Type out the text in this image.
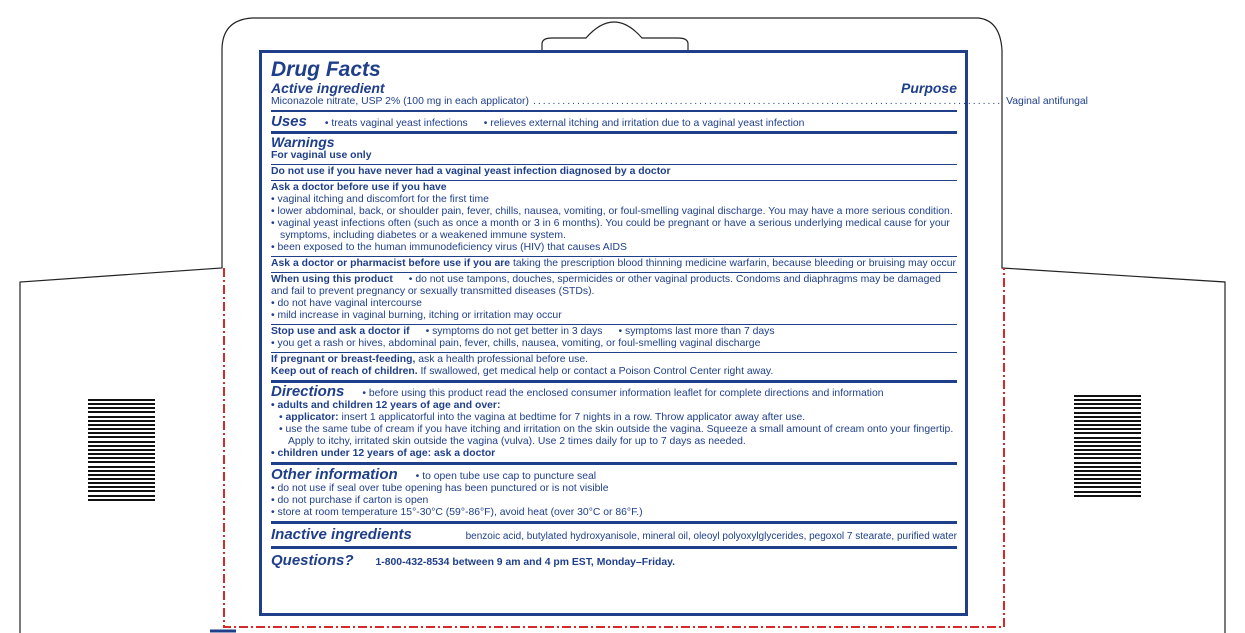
Drug Facts
Active ingredient	Purpose
Miconazole nitrate, USP 2% (100 mg in each applicator) ................................................................................................ Vaginal antifungal
Uses • treats vaginal yeast infections • relieves external itching and irritation due to a vaginal yeast infection
Warnings

For vaginal use only

Do not use if you have never had a vaginal yeast infection diagnosed by a doctor

Ask a doctor before use if you have

• vaginal itching and discomfort for the first time

• lower abdominal, back, or shoulder pain, fever, chills, nausea, vomiting, or foul-smelling vaginal discharge. You may have a more serious condition.

• vaginal yeast infections often (such as once a month or 3 in 6 months). You could be pregnant or have a serious underlying medical cause for your symptoms, including diabetes or a weakened immune system.

• been exposed to the human immunodeficiency virus (HIV) that causes AIDS

Ask a doctor or pharmacist before use if you are taking the prescription blood thinning medicine warfarin, because bleeding or bruising may occur

When using this product • do not use tampons, douches, spermicides or other vaginal products. Condoms and diaphragms may be damaged and fail to prevent pregnancy or sexually transmitted diseases (STDs).

• do not have vaginal intercourse

• mild increase in vaginal burning, itching or irritation may occur

Stop use and ask a doctor if • symptoms do not get better in 3 days • symptoms last more than 7 days

• you get a rash or hives, abdominal pain, fever, chills, nausea, vomiting, or foul-smelling vaginal discharge

If pregnant or breast-feeding, ask a health professional before use.

Keep out of reach of children. If swallowed, get medical help or contact a Poison Control Center right away.

Directions • before using this product read the enclosed consumer information leaflet for complete directions and information

• adults and children 12 years of age and over:

• applicator: insert 1 applicatorful into the vagina at bedtime for 7 nights in a row. Throw applicator away after use.

• use the same tube of cream if you have itching and irritation on the skin outside the vagina. Squeeze a small amount of cream onto your fingertip. Apply to itchy, irritated skin outside the vagina (vulva). Use 2 times daily for up to 7 days as needed.

• children under 12 years of age: ask a doctor

Other information • to open tube use cap to puncture seal

• do not use if seal over tube opening has been punctured or is not visible

• do not purchase if carton is open

• store at room temperature 15°-30°C (59°-86°F), avoid heat (over 30°C or 86°F.)

Inactive ingredients	benzoic acid, butylated hydroxyanisole, mineral oil, oleoyl polyoxylglycerides, pegoxol 7 stearate, purified water
Questions? 1-800-432-8534 between 9 am and 4 pm EST, Monday–Friday.
